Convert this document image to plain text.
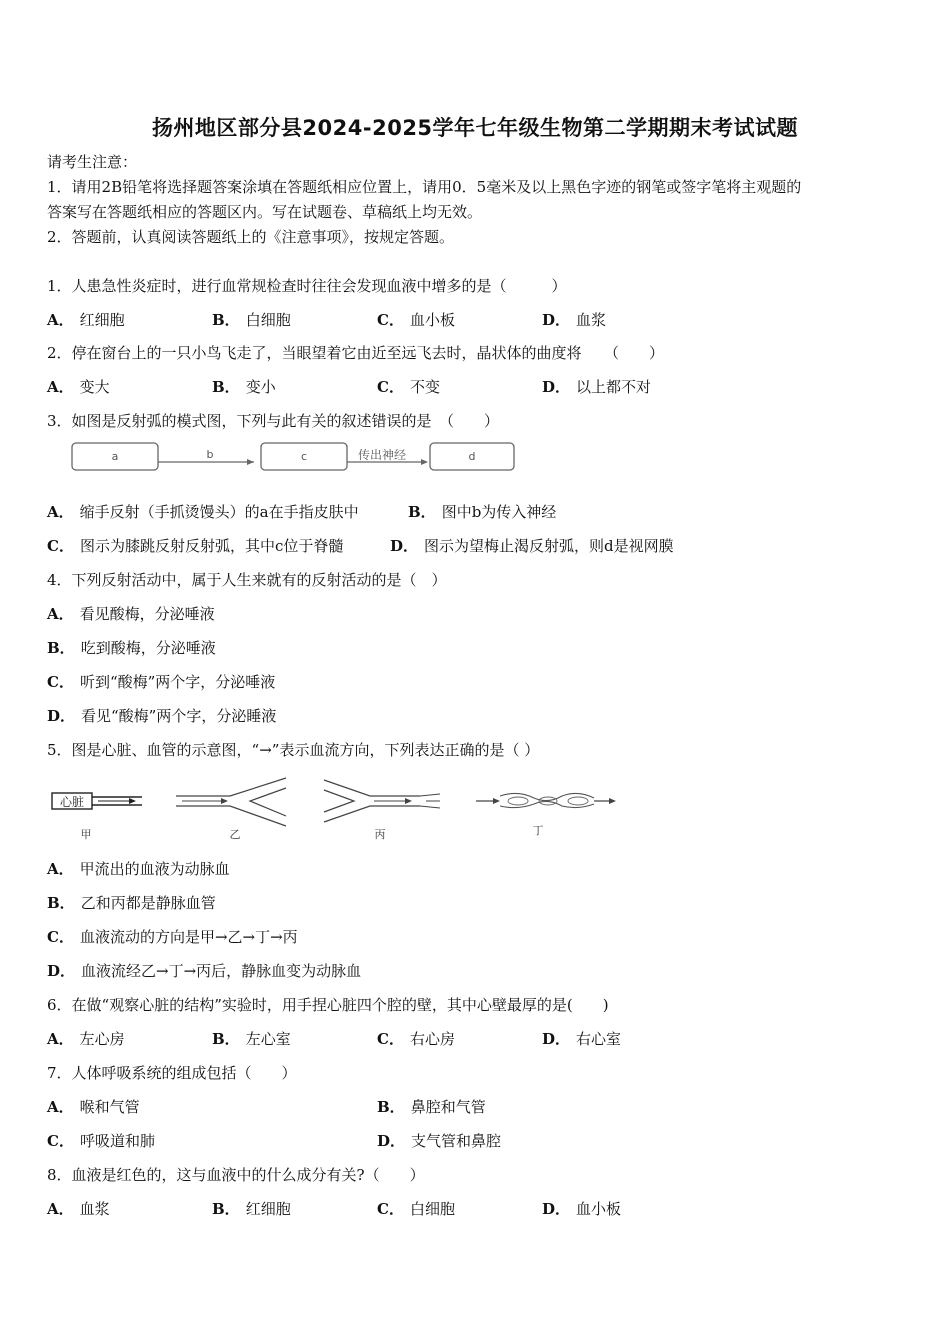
扬州地区部分县2024-2025学年七年级生物第二学期期末考试试题
请考生注意：
1．请用2B铅笔将选择题答案涂填在答题纸相应位置上，请用0．5毫米及以上黑色字迹的钢笔或签字笔将主观题的
答案写在答题纸相应的答题区内。写在试题卷、草稿纸上均无效。
2．答题前，认真阅读答题纸上的《注意事项》，按规定答题。
1．人患急性炎症时，进行血常规检查时往往会发现血液中增多的是（　　　）
A． 红细胞	B． 白细胞	C． 血小板	D． 血浆
2．停在窗台上的一只小鸟飞走了，当眼望着它由近至远飞去时，晶状体的曲度将　　（　　）
A． 变大	B． 变小	C． 不变	D． 以上都不对
3．如图是反射弧的模式图，下列与此有关的叙述错误的是　（　　）
a	b	c	传出神经	d
A． 缩手反射（手抓烫馒头）的a在手指皮肤中	B． 图中b为传入神经
C． 图示为膝跳反射反射弧，其中c位于脊髓	D． 图示为望梅止渴反射弧，则d是视网膜
4．下列反射活动中，属于人生来就有的反射活动的是（　）
A． 看见酸梅，分泌唾液
B． 吃到酸梅，分泌唾液
C． 听到“酸梅”两个字，分泌唾液
D． 看见“酸梅”两个字，分泌睡液
5．图是心脏、血管的示意图，“→”表示血流方向，下列表达正确的是（ ）
心脏
甲	乙	丙	丁
A． 甲流出的血液为动脉血
B． 乙和丙都是静脉血管
C． 血液流动的方向是甲→乙→丁→丙
D． 血液流经乙→丁→丙后，静脉血变为动脉血
6．在做“观察心脏的结构”实验时，用手捏心脏四个腔的壁，其中心壁最厚的是(　　)
A． 左心房	B． 左心室	C． 右心房	D． 右心室
7．人体呼吸系统的组成包括（　　）
A． 喉和气管	B． 鼻腔和气管
C． 呼吸道和肺	D． 支气管和鼻腔
8．血液是红色的，这与血液中的什么成分有关?（　　）
A． 血浆	B． 红细胞	C． 白细胞	D． 血小板
